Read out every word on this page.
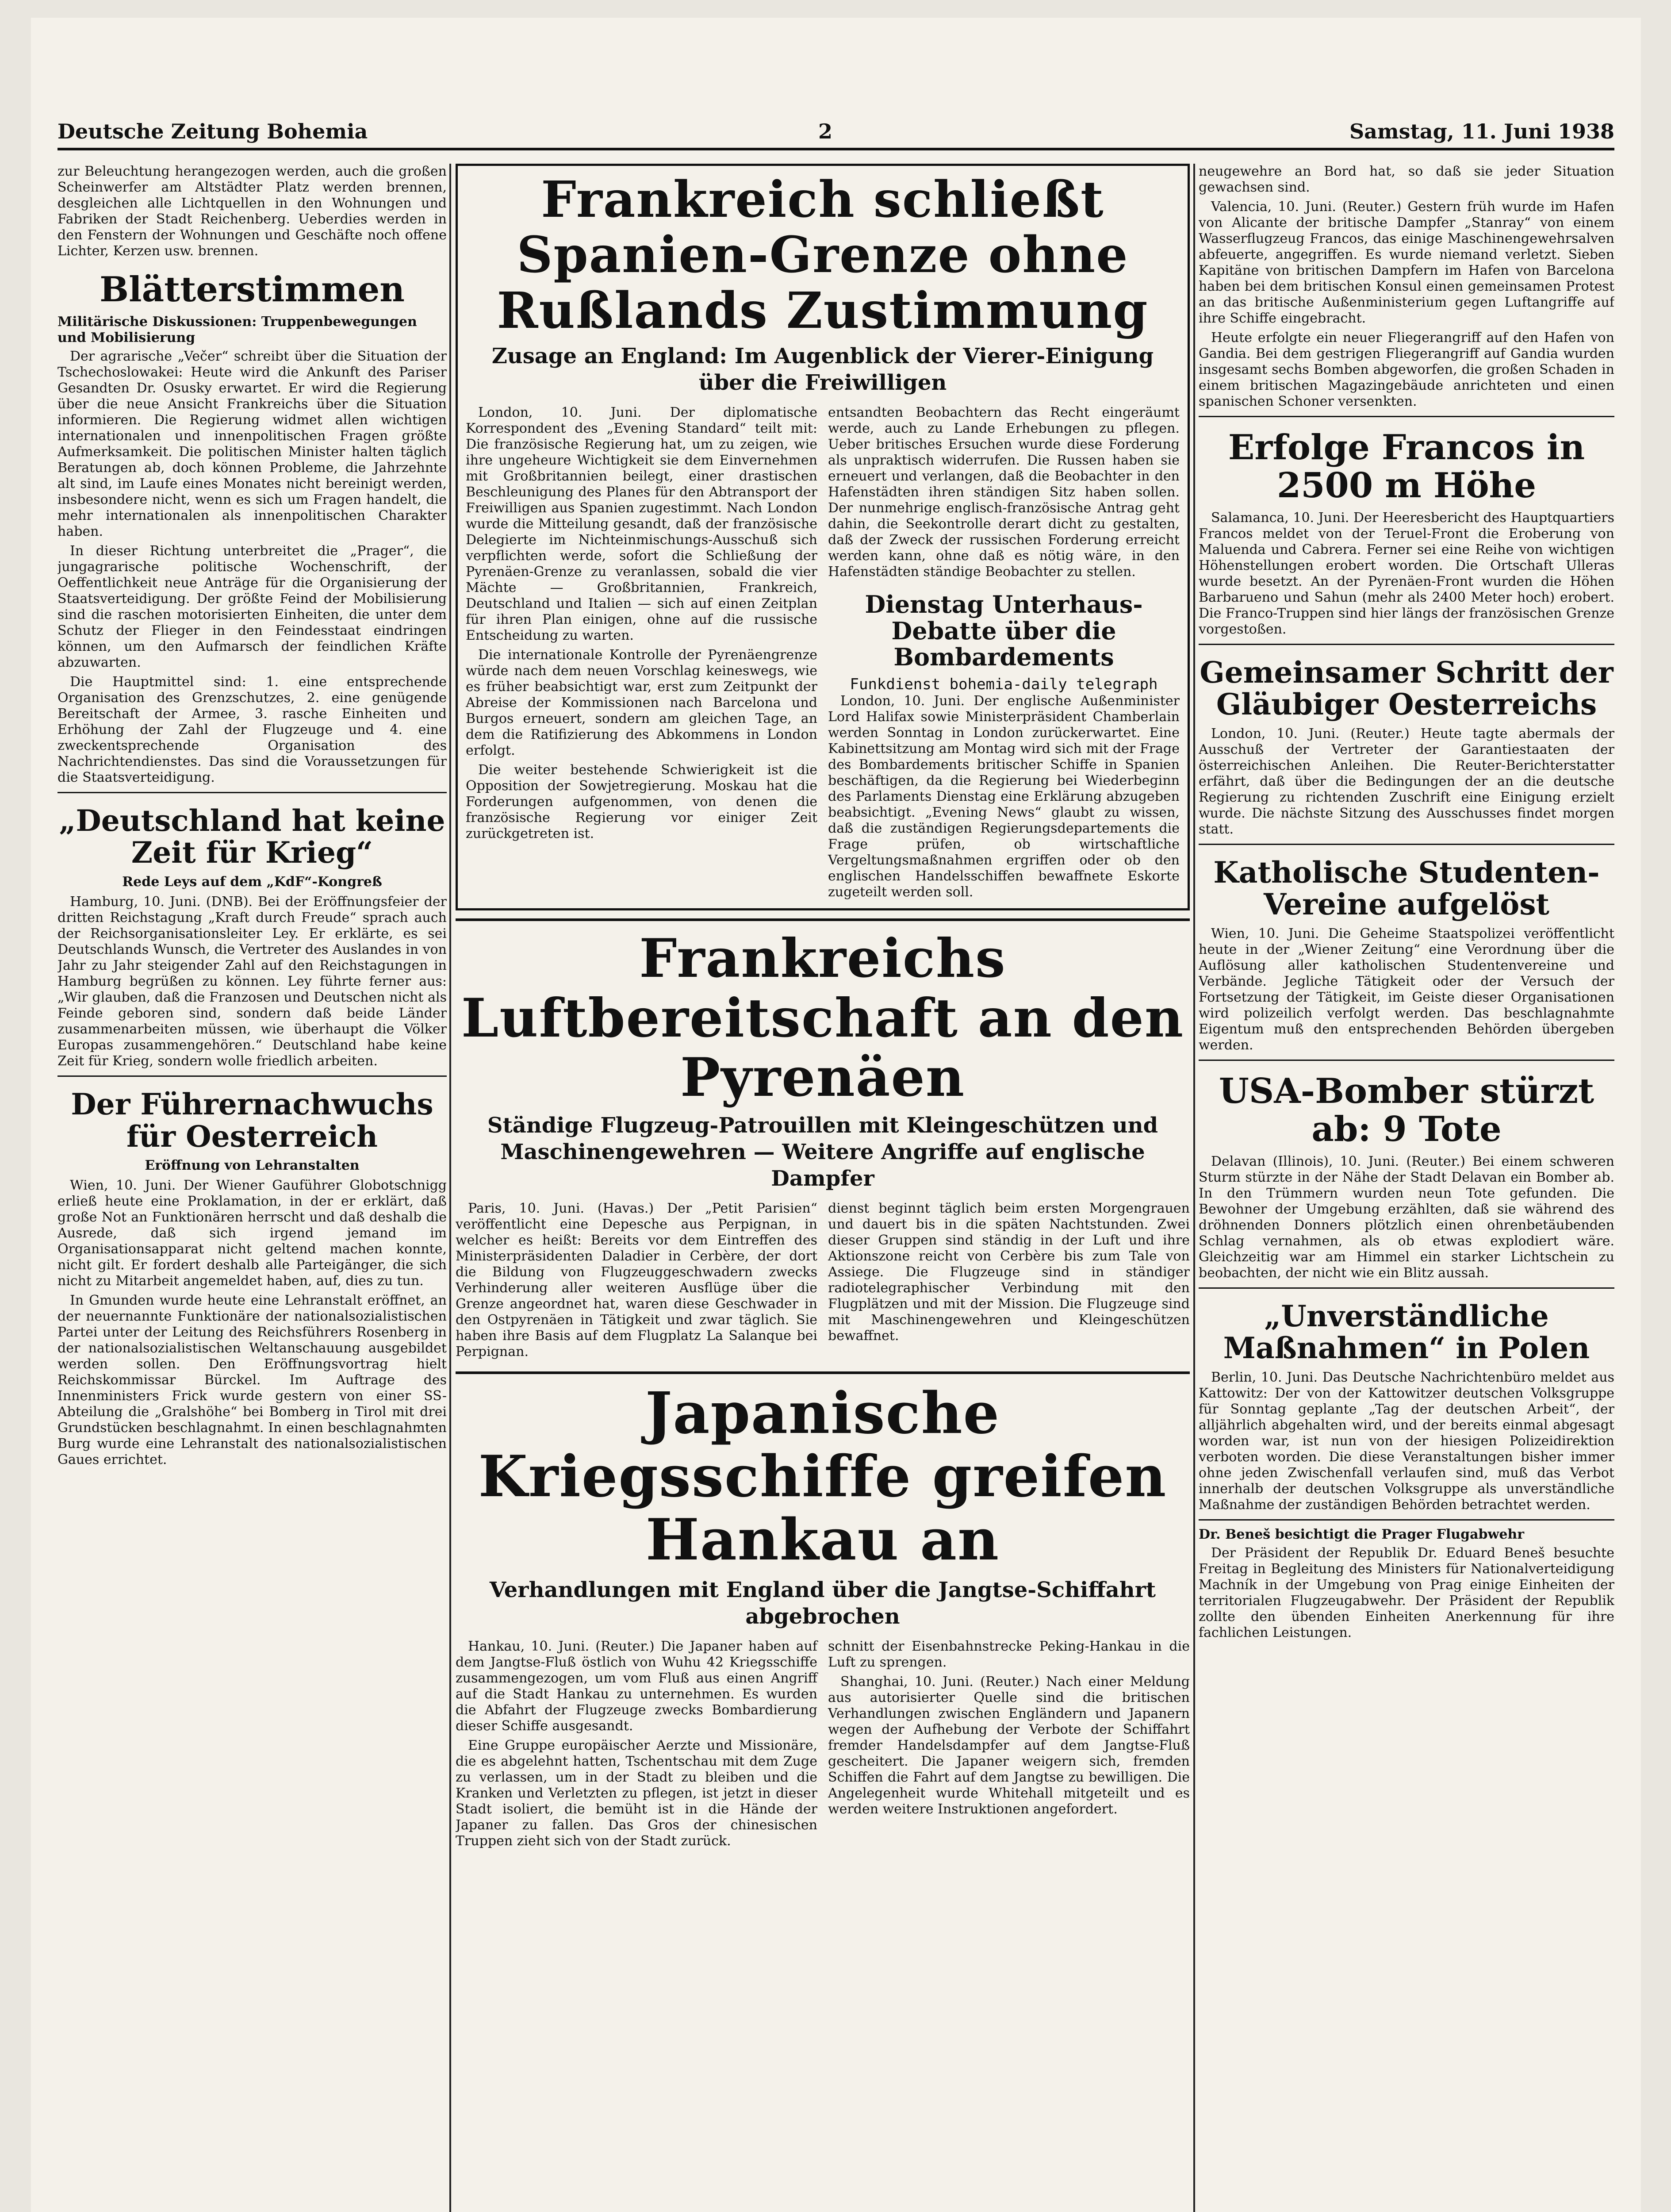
Deutsche Zeitung Bohemia	2	Samstag, 11. Juni 1938

zur Beleuchtung herangezogen werden, auch die großen Scheinwerfer am Altstädter Platz werden brennen, desgleichen alle Lichtquellen in den Wohnungen und Fabriken der Stadt Reichenberg. Ueberdies werden in den Fenstern der Wohnungen und Geschäfte noch offene Lichter, Kerzen usw. brennen.

Blätterstimmen
Militärische Diskussionen: Truppenbewegungen und Mobilisierung

Der agrarische „Večer“ schreibt über die Situation der Tschechoslowakei: Heute wird die Ankunft des Pariser Gesandten Dr. Osusky erwartet. Er wird die Regierung über die neue Ansicht Frankreichs über die Situation informieren. Die Regierung widmet allen wichtigen internationalen und innenpolitischen Fragen größte Aufmerksamkeit. Die politischen Minister halten täglich Beratungen ab, doch können Probleme, die Jahrzehnte alt sind, im Laufe eines Monates nicht bereinigt werden, insbesondere nicht, wenn es sich um Fragen handelt, die mehr internationalen als innenpolitischen Charakter haben.

In dieser Richtung unterbreitet die „Prager“, die jungagrarische politische Wochenschrift, der Oeffentlichkeit neue Anträge für die Organisierung der Staatsverteidigung. Der größte Feind der Mobilisierung sind die raschen motorisierten Einheiten, die unter dem Schutz der Flieger in den Feindesstaat eindringen können, um den Aufmarsch der feindlichen Kräfte abzuwarten.

Die Hauptmittel sind: 1. eine entsprechende Organisation des Grenzschutzes, 2. eine genügende Bereitschaft der Armee, 3. rasche Einheiten und Erhöhung der Zahl der Flugzeuge und 4. eine zweckentsprechende Organisation des Nachrichtendienstes. Das sind die Voraussetzungen für die Staatsverteidigung.

„Deutschland hat keine Zeit für Krieg“
Rede Leys auf dem „KdF“-Kongreß

Hamburg, 10. Juni. (DNB). Bei der Eröffnungsfeier der dritten Reichstagung „Kraft durch Freude“ sprach auch der Reichsorganisationsleiter Ley. Er erklärte, es sei Deutschlands Wunsch, die Vertreter des Auslandes in von Jahr zu Jahr steigender Zahl auf den Reichstagungen in Hamburg begrüßen zu können. Ley führte ferner aus: „Wir glauben, daß die Franzosen und Deutschen nicht als Feinde geboren sind, sondern daß beide Länder zusammenarbeiten müssen, wie überhaupt die Völker Europas zusammengehören.“ Deutschland habe keine Zeit für Krieg, sondern wolle friedlich arbeiten.

Der Führernachwuchs für Oesterreich
Eröffnung von Lehranstalten

Wien, 10. Juni. Der Wiener Gauführer Globotschnigg erließ heute eine Proklamation, in der er erklärt, daß große Not an Funktionären herrscht und daß deshalb die Ausrede, daß sich irgend jemand im Organisationsapparat nicht geltend machen konnte, nicht gilt. Er fordert deshalb alle Parteigänger, die sich nicht zu Mitarbeit angemeldet haben, auf, dies zu tun.

In Gmunden wurde heute eine Lehranstalt eröffnet, an der neuernannte Funktionäre der nationalsozialistischen Partei unter der Leitung des Reichsführers Rosenberg in der nationalsozialistischen Weltanschauung ausgebildet werden sollen. Den Eröffnungsvortrag hielt Reichskommissar Bürckel. Im Auftrage des Innenministers Frick wurde gestern von einer SS-Abteilung die „Gralshöhe“ bei Bomberg in Tirol mit drei Grundstücken beschlagnahmt. In einen beschlagnahmten Burg wurde eine Lehranstalt des nationalsozialistischen Gaues errichtet.

Frankreich schließt Spanien-Grenze ohne Rußlands Zustimmung
Zusage an England: Im Augenblick der Vierer-Einigung über die Freiwilligen

London, 10. Juni. Der diplomatische Korrespondent des „Evening Standard“ teilt mit: Die französische Regierung hat, um zu zeigen, wie ihre ungeheure Wichtigkeit sie dem Einvernehmen mit Großbritannien beilegt, einer drastischen Beschleunigung des Planes für den Abtransport der Freiwilligen aus Spanien zugestimmt. Nach London wurde die Mitteilung gesandt, daß der französische Delegierte im Nichteinmischungs-Ausschuß sich verpflichten werde, sofort die Schließung der Pyrenäen-Grenze zu veranlassen, sobald die vier Mächte — Großbritannien, Frankreich, Deutschland und Italien — sich auf einen Zeitplan für ihren Plan einigen, ohne auf die russische Entscheidung zu warten.

Die internationale Kontrolle der Pyrenäengrenze würde nach dem neuen Vorschlag keineswegs, wie es früher beabsichtigt war, erst zum Zeitpunkt der Abreise der Kommissionen nach Barcelona und Burgos erneuert, sondern am gleichen Tage, an dem die Ratifizierung des Abkommens in London erfolgt.

Die weiter bestehende Schwierigkeit ist die Opposition der Sowjetregierung. Moskau hat die Forderungen aufgenommen, von denen die französische Regierung vor einiger Zeit zurückgetreten ist.

entsandten Beobachtern das Recht eingeräumt werde, auch zu Lande Erhebungen zu pflegen. Ueber britisches Ersuchen wurde diese Forderung als unpraktisch widerrufen. Die Russen haben sie erneuert und verlangen, daß die Beobachter in den Hafenstädten ihren ständigen Sitz haben sollen. Der nunmehrige englisch-französische Antrag geht dahin, die Seekontrolle derart dicht zu gestalten, daß der Zweck der russischen Forderung erreicht werden kann, ohne daß es nötig wäre, in den Hafenstädten ständige Beobachter zu stellen.

Dienstag Unterhaus-Debatte über die Bombardements
Funkdienst bohemia-daily telegraph

London, 10. Juni. Der englische Außenminister Lord Halifax sowie Ministerpräsident Chamberlain werden Sonntag in London zurückerwartet. Eine Kabinettsitzung am Montag wird sich mit der Frage des Bombardements britischer Schiffe in Spanien beschäftigen, da die Regierung bei Wiederbeginn des Parlaments Dienstag eine Erklärung abzugeben beabsichtigt. „Evening News“ glaubt zu wissen, daß die zuständigen Regierungsdepartements die Frage prüfen, ob wirtschaftliche Vergeltungsmaßnahmen ergriffen oder ob den englischen Handelsschiffen bewaffnete Eskorte zugeteilt werden soll.

Frankreichs Luftbereitschaft an den Pyrenäen
Ständige Flugzeug-Patrouillen mit Kleingeschützen und Maschinengewehren — Weitere Angriffe auf englische Dampfer

Paris, 10. Juni. (Havas.) Der „Petit Parisien“ veröffentlicht eine Depesche aus Perpignan, in welcher es heißt: Bereits vor dem Eintreffen des Ministerpräsidenten Daladier in Cerbère, der dort die Bildung von Flugzeuggeschwadern zwecks Verhinderung aller weiteren Ausflüge über die Grenze angeordnet hat, waren diese Geschwader in den Ostpyrenäen in Tätigkeit und zwar täglich. Sie haben ihre Basis auf dem Flugplatz La Salanque bei Perpignan.

dienst beginnt täglich beim ersten Morgengrauen und dauert bis in die späten Nachtstunden. Zwei dieser Gruppen sind ständig in der Luft und ihre Aktionszone reicht von Cerbère bis zum Tale von Assiege. Die Flugzeuge sind in ständiger radiotelegraphischer Verbindung mit den Flugplätzen und mit der Mission. Die Flugzeuge sind mit Maschinengewehren und Kleingeschützen bewaffnet.

Japanische Kriegsschiffe greifen Hankau an
Verhandlungen mit England über die Jangtse-Schiffahrt abgebrochen

Hankau, 10. Juni. (Reuter.) Die Japaner haben auf dem Jangtse-Fluß östlich von Wuhu 42 Kriegsschiffe zusammengezogen, um vom Fluß aus einen Angriff auf die Stadt Hankau zu unternehmen. Es wurden die Abfahrt der Flugzeuge zwecks Bombardierung dieser Schiffe ausgesandt.

Eine Gruppe europäischer Aerzte und Missionäre, die es abgelehnt hatten, Tschentschau mit dem Zuge zu verlassen, um in der Stadt zu bleiben und die Kranken und Verletzten zu pflegen, ist jetzt in dieser Stadt isoliert, die bemüht ist in die Hände der Japaner zu fallen. Das Gros der chinesischen Truppen zieht sich von der Stadt zurück.

schnitt der Eisenbahnstrecke Peking-Hankau in die Luft zu sprengen.

Shanghai, 10. Juni. (Reuter.) Nach einer Meldung aus autorisierter Quelle sind die britischen Verhandlungen zwischen Engländern und Japanern wegen der Aufhebung der Verbote der Schiffahrt fremder Handelsdampfer auf dem Jangtse-Fluß gescheitert. Die Japaner weigern sich, fremden Schiffen die Fahrt auf dem Jangtse zu bewilligen. Die Angelegenheit wurde Whitehall mitgeteilt und es werden weitere Instruktionen angefordert.

neugewehre an Bord hat, so daß sie jeder Situation gewachsen sind.

Valencia, 10. Juni. (Reuter.) Gestern früh wurde im Hafen von Alicante der britische Dampfer „Stanray“ von einem Wasserflugzeug Francos, das einige Maschinengewehrsalven abfeuerte, angegriffen. Es wurde niemand verletzt. Sieben Kapitäne von britischen Dampfern im Hafen von Barcelona haben bei dem britischen Konsul einen gemeinsamen Protest an das britische Außenministerium gegen Luftangriffe auf ihre Schiffe eingebracht.

Heute erfolgte ein neuer Fliegerangriff auf den Hafen von Gandia. Bei dem gestrigen Fliegerangriff auf Gandia wurden insgesamt sechs Bomben abgeworfen, die großen Schaden in einem britischen Magazingebäude anrichteten und einen spanischen Schoner versenkten.

Erfolge Francos in 2500 m Höhe

Salamanca, 10. Juni. Der Heeresbericht des Hauptquartiers Francos meldet von der Teruel-Front die Eroberung von Maluenda und Cabrera. Ferner sei eine Reihe von wichtigen Höhenstellungen erobert worden. Die Ortschaft Ulleras wurde besetzt. An der Pyrenäen-Front wurden die Höhen Barbarueno und Sahun (mehr als 2400 Meter hoch) erobert. Die Franco-Truppen sind hier längs der französischen Grenze vorgestoßen.

Gemeinsamer Schritt der Gläubiger Oesterreichs

London, 10. Juni. (Reuter.) Heute tagte abermals der Ausschuß der Vertreter der Garantiestaaten der österreichischen Anleihen. Die Reuter-Berichterstatter erfährt, daß über die Bedingungen der an die deutsche Regierung zu richtenden Zuschrift eine Einigung erzielt wurde. Die nächste Sitzung des Ausschusses findet morgen statt.

Katholische Studenten-Vereine aufgelöst

Wien, 10. Juni. Die Geheime Staatspolizei veröffentlicht heute in der „Wiener Zeitung“ eine Verordnung über die Auflösung aller katholischen Studentenvereine und Verbände. Jegliche Tätigkeit oder der Versuch der Fortsetzung der Tätigkeit, im Geiste dieser Organisationen wird polizeilich verfolgt werden. Das beschlagnahmte Eigentum muß den entsprechenden Behörden übergeben werden.

USA-Bomber stürzt ab: 9 Tote

Delavan (Illinois), 10. Juni. (Reuter.) Bei einem schweren Sturm stürzte in der Nähe der Stadt Delavan ein Bomber ab. In den Trümmern wurden neun Tote gefunden. Die Bewohner der Umgebung erzählten, daß sie während des dröhnenden Donners plötzlich einen ohrenbetäubenden Schlag vernahmen, als ob etwas explodiert wäre. Gleichzeitig war am Himmel ein starker Lichtschein zu beobachten, der nicht wie ein Blitz aussah.

„Unverständliche Maßnahmen“ in Polen

Berlin, 10. Juni. Das Deutsche Nachrichtenbüro meldet aus Kattowitz: Der von der Kattowitzer deutschen Volksgruppe für Sonntag geplante „Tag der deutschen Arbeit“, der alljährlich abgehalten wird, und der bereits einmal abgesagt worden war, ist nun von der hiesigen Polizeidirektion verboten worden. Die diese Veranstaltungen bisher immer ohne jeden Zwischenfall verlaufen sind, muß das Verbot innerhalb der deutschen Volksgruppe als unverständliche Maßnahme der zuständigen Behörden betrachtet werden.

Dr. Beneš besichtigt die Prager Flugabwehr

Der Präsident der Republik Dr. Eduard Beneš besuchte Freitag in Begleitung des Ministers für Nationalverteidigung Machník in der Umgebung von Prag einige Einheiten der territorialen Flugzeugabwehr. Der Präsident der Republik zollte den übenden Einheiten Anerkennung für ihre fachlichen Leistungen.
